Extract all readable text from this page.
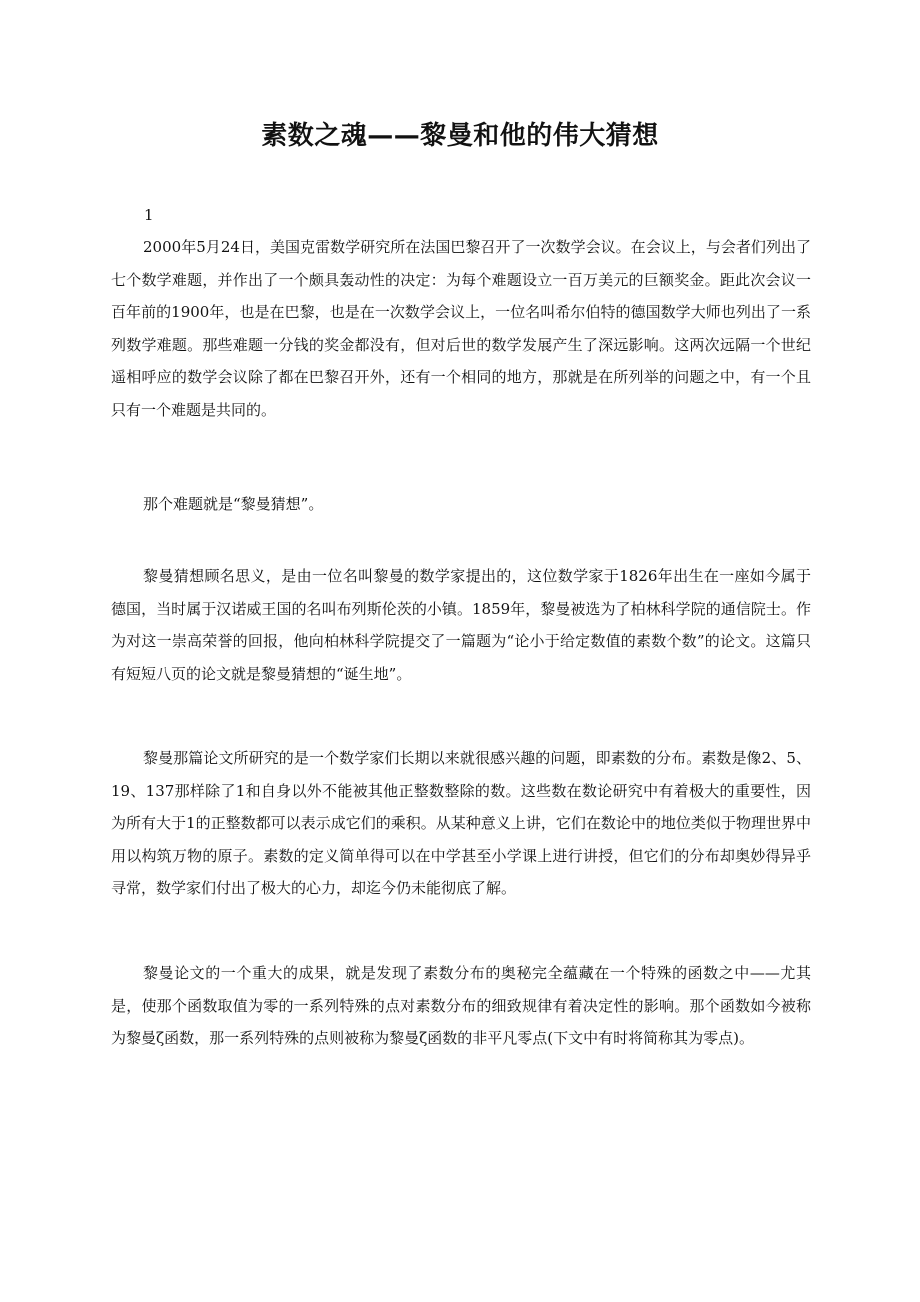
素数之魂——黎曼和他的伟大猜想
1

2000年5月24日，美国克雷数学研究所在法国巴黎召开了一次数学会议。在会议上，与会者们列出了七个数学难题，并作出了一个颇具轰动性的决定：为每个难题设立一百万美元的巨额奖金。距此次会议一百年前的1900年，也是在巴黎，也是在一次数学会议上，一位名叫希尔伯特的德国数学大师也列出了一系列数学难题。那些难题一分钱的奖金都没有，但对后世的数学发展产生了深远影响。这两次远隔一个世纪遥相呼应的数学会议除了都在巴黎召开外，还有一个相同的地方，那就是在所列举的问题之中，有一个且只有一个难题是共同的。

那个难题就是“黎曼猜想”。

黎曼猜想顾名思义，是由一位名叫黎曼的数学家提出的，这位数学家于1826年出生在一座如今属于德国，当时属于汉诺威王国的名叫布列斯伦茨的小镇。1859年，黎曼被选为了柏林科学院的通信院士。作为对这一崇高荣誉的回报，他向柏林科学院提交了一篇题为“论小于给定数值的素数个数”的论文。这篇只有短短八页的论文就是黎曼猜想的“诞生地”。

黎曼那篇论文所研究的是一个数学家们长期以来就很感兴趣的问题，即素数的分布。素数是像2、5、19、137那样除了1和自身以外不能被其他正整数整除的数。这些数在数论研究中有着极大的重要性，因为所有大于1的正整数都可以表示成它们的乘积。从某种意义上讲，它们在数论中的地位类似于物理世界中用以构筑万物的原子。素数的定义简单得可以在中学甚至小学课上进行讲授，但它们的分布却奥妙得异乎寻常，数学家们付出了极大的心力，却迄今仍未能彻底了解。

黎曼论文的一个重大的成果，就是发现了素数分布的奥秘完全蕴藏在一个特殊的函数之中——尤其是，使那个函数取值为零的一系列特殊的点对素数分布的细致规律有着决定性的影响。那个函数如今被称为黎曼ζ函数，那一系列特殊的点则被称为黎曼ζ函数的非平凡零点(下文中有时将简称其为零点)。
